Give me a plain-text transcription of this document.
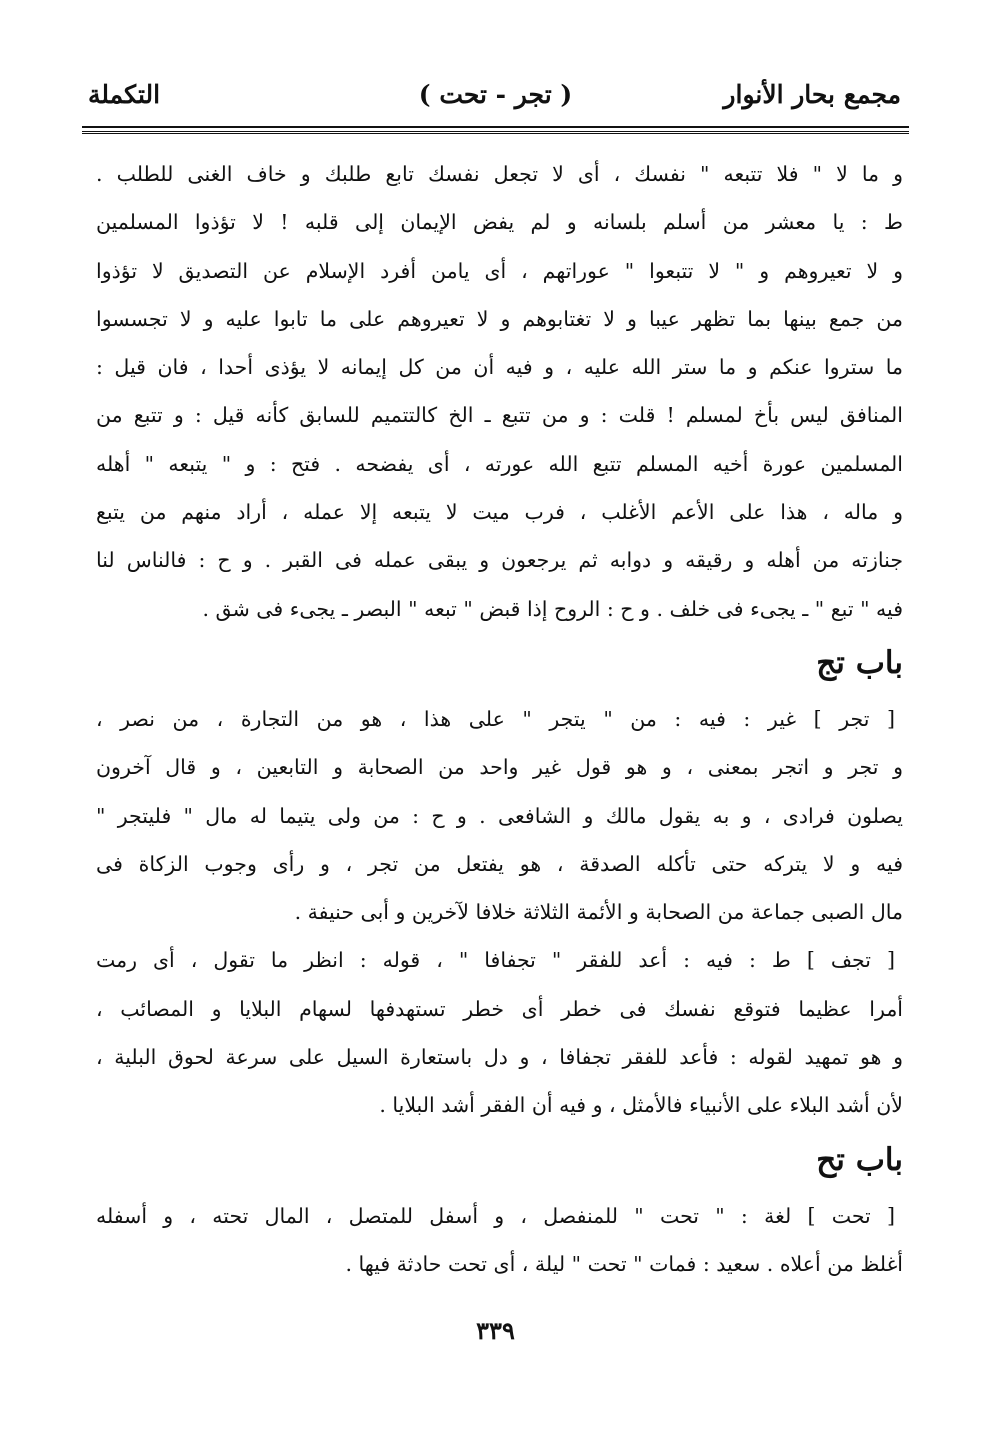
مجمع بحار الأنوار
( تجر - تحت )
التكملة
و ما لا " فلا تتبعه " نفسك ، أى لا تجعل نفسك تابع طلبك و خاف الغنى للطلب .
ط : يا معشر من أسلم بلسانه و لم يفض الإيمان إلى قلبه ! لا تؤذوا المسلمين
و لا تعيروهم و " لا تتبعوا " عوراتهم ، أى يامن أفرد الإسلام عن التصديق لا تؤذوا
من جمع بينها بما تظهر عيبا و لا تغتابوهم و لا تعيروهم على ما تابوا عليه و لا تجسسوا
ما ستروا عنكم و ما ستر الله عليه ، و فيه أن من كل إيمانه لا يؤذى أحدا ، فان قيل :
المنافق ليس بأخ لمسلم ! قلت : و من تتبع ـ الخ كالتتميم للسابق كأنه قيل : و تتبع من
المسلمين عورة أخيه المسلم تتبع الله عورته ، أى يفضحه . فتح : و " يتبعه " أهله
و ماله ، هذا على الأعم الأغلب ، فرب ميت لا يتبعه إلا عمله ، أراد منهم من يتبع
جنازته من أهله و رقيقه و دوابه ثم يرجعون و يبقى عمله فى القبر . و ح : فالناس لنا
فيه " تبع " ـ يجىء فى خلف . و ح : الروح إذا قبض " تبعه " البصر ـ يجىء فى شق .
باب تج
[ تجر ] غير : فيه : من " يتجر " على هذا ، هو من التجارة ، من نصر ،
و تجر و اتجر بمعنى ، و هو قول غير واحد من الصحابة و التابعين ، و قال آخرون
يصلون فرادى ، و به يقول مالك و الشافعى . و ح : من ولى يتيما له مال " فليتجر "
فيه و لا يتركه حتى تأكله الصدقة ، هو يفتعل من تجر ، و رأى وجوب الزكاة فى
مال الصبى جماعة من الصحابة و الأئمة الثلاثة خلافا لآخرين و أبى حنيفة .
[ تجف ] ط : فيه : أعد للفقر " تجفافا " ، قوله : انظر ما تقول ، أى رمت
أمرا عظيما فتوقع نفسك فى خطر أى خطر تستهدفها لسهام البلايا و المصائب ،
و هو تمهيد لقوله : فأعد للفقر تجفافا ، و دل باستعارة السيل على سرعة لحوق البلية ،
لأن أشد البلاء على الأنبياء فالأمثل ، و فيه أن الفقر أشد البلايا .
باب تح
[ تحت ] لغة : " تحت " للمنفصل ، و أسفل للمتصل ، المال تحته ، و أسفله
أغلظ من أعلاه . سعيد : فمات " تحت " ليلة ، أى تحت حادثة فيها .
٣٣٩
